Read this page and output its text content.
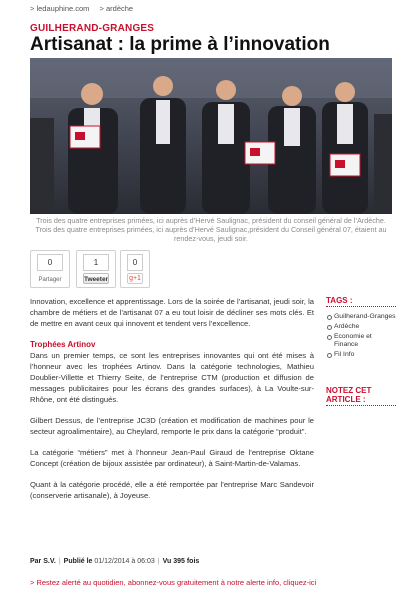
> ledauphine.com > ardèche
GUILHERAND-GRANGES
Artisanat : la prime à l’innovation
Trois des quatre entreprises primées, ici auprès d’Hervé Saulignac, président du conseil général de l’Ardèche. Trois des quatre entreprises primées, ici auprès d’Hervé Saulignac,président du Conseil général 07, étaient au rendez-vous, jeudi soir.
0
Partager
1
Tweeter
0
g+1

Innovation, excellence et apprentissage. Lors de la soirée de l’artisanat, jeudi soir, la chambre de métiers et de l’artisanat 07 a eu tout loisir de décliner ses mots clés. Et de mettre en avant ceux qui innovent et tendent vers l’excellence.

Trophées Artinov

Dans un premier temps, ce sont les entreprises innovantes qui ont été mises à l’honneur avec les trophées Artinov. Dans la catégorie technologies, Mathieu Doublier-Villette et Thierry Seite, de l’entreprise CTM (production et diffusion de messages publicitaires pour les écrans des grandes surfaces), à La Voulte-sur-Rhône, ont été distingués.

Gilbert Dessus, de l’entreprise JC3D (création et modification de machines pour le secteur agroalimentaire), au Cheylard, remporte le prix dans la catégorie “produit”.

La catégorie “métiers” met à l’honneur Jean-Paul Giraud de l’entreprise Oktane Concept (création de bijoux assistée par ordinateur), à Saint-Martin-de-Valamas.

Quant à la catégorie procédé, elle a été remportée par l’entreprise Marc Sandevoir (conserverie artisanale), à Joyeuse.

Par S.V. | Publié le 01/12/2014 à 06:03 | Vu 395 fois
> Restez alerté au quotidien, abonnez-vous gratuitement à notre alerte info, cliquez-ici
TAGS :
Guilherand-Granges
Ardèche
Economie et Finance
Fil Info
NOTEZ CET ARTICLE :
